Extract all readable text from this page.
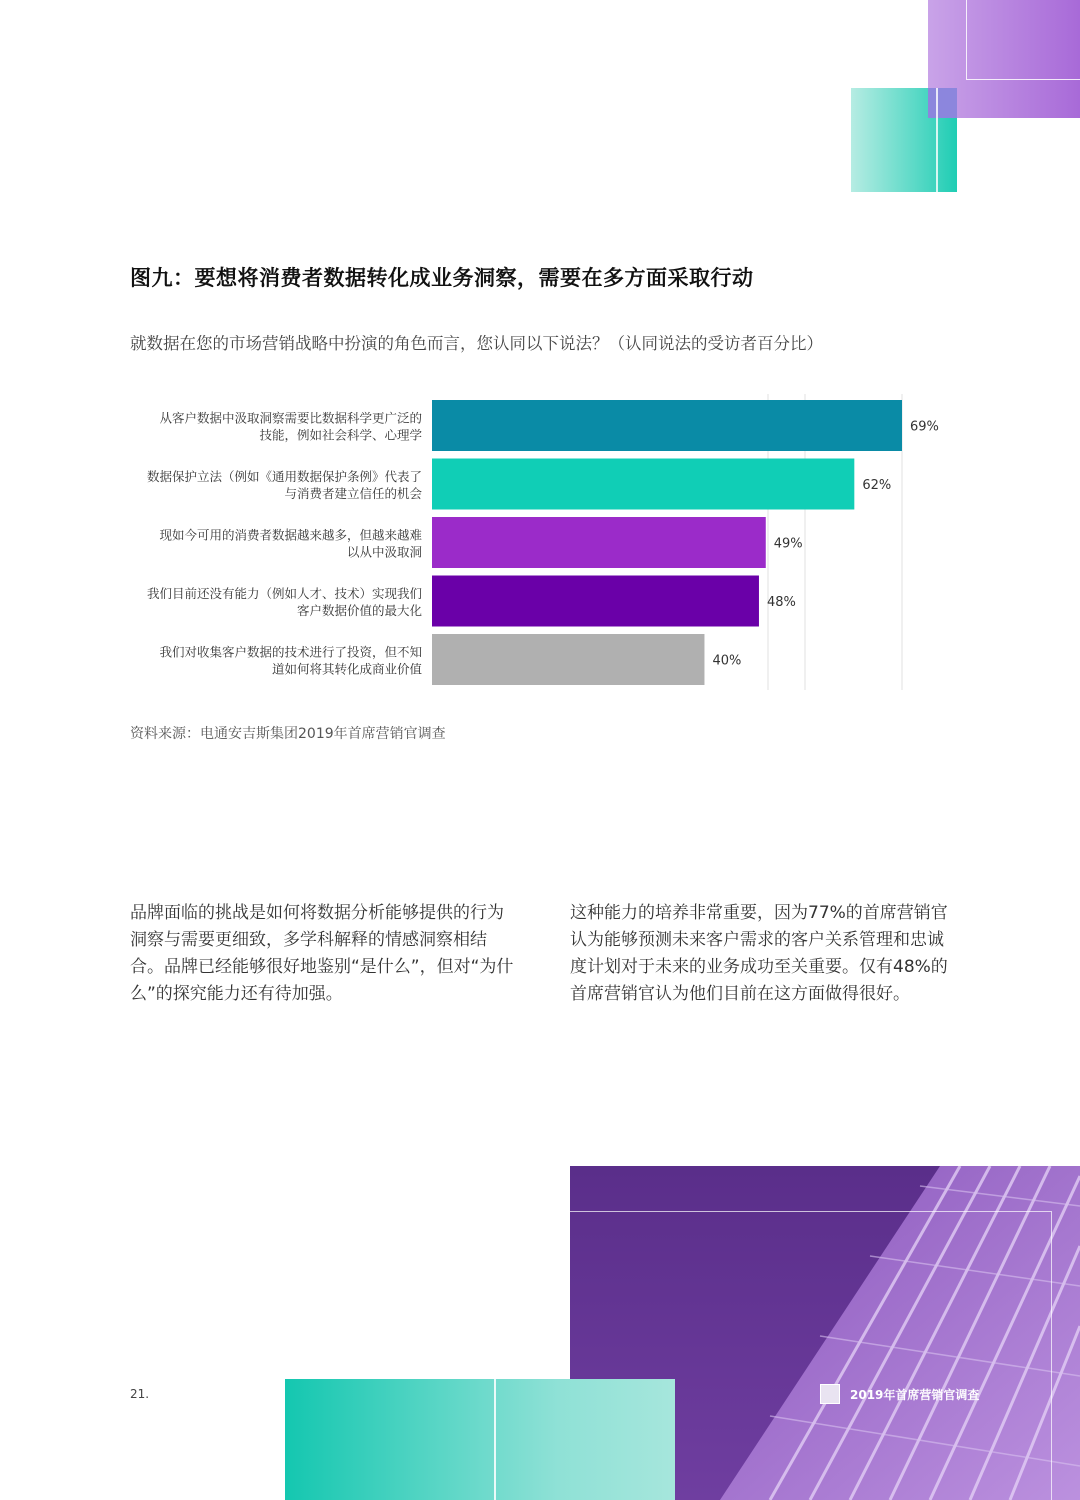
图九：要想将消费者数据转化成业务洞察，需要在多方面采取行动
就数据在您的市场营销战略中扮演的角色而言，您认同以下说法？（认同说法的受访者百分比）
69%
从客户数据中汲取洞察需要比数据科学更广泛的技能，例如社会科学、心理学
62%
数据保护立法（例如《通用数据保护条例》代表了与消费者建立信任的机会
49%
现如今可用的消费者数据越来越多，但越来越难以从中汲取洞
48%
我们目前还没有能力（例如人才、技术）实现我们客户数据价值的最大化
40%
我们对收集客户数据的技术进行了投资，但不知道如何将其转化成商业价值
资料来源：电通安吉斯集团2019年首席营销官调查
品牌面临的挑战是如何将数据分析能够提供的行为洞察与需要更细致，多学科解释的情感洞察相结合。品牌已经能够很好地鉴别“是什么”，但对“为什么”的探究能力还有待加强。
这种能力的培养非常重要，因为77%的首席营销官认为能够预测未来客户需求的客户关系管理和忠诚度计划对于未来的业务成功至关重要。仅有48%的首席营销官认为他们目前在这方面做得很好。
21.	2019年首席营销官调查
